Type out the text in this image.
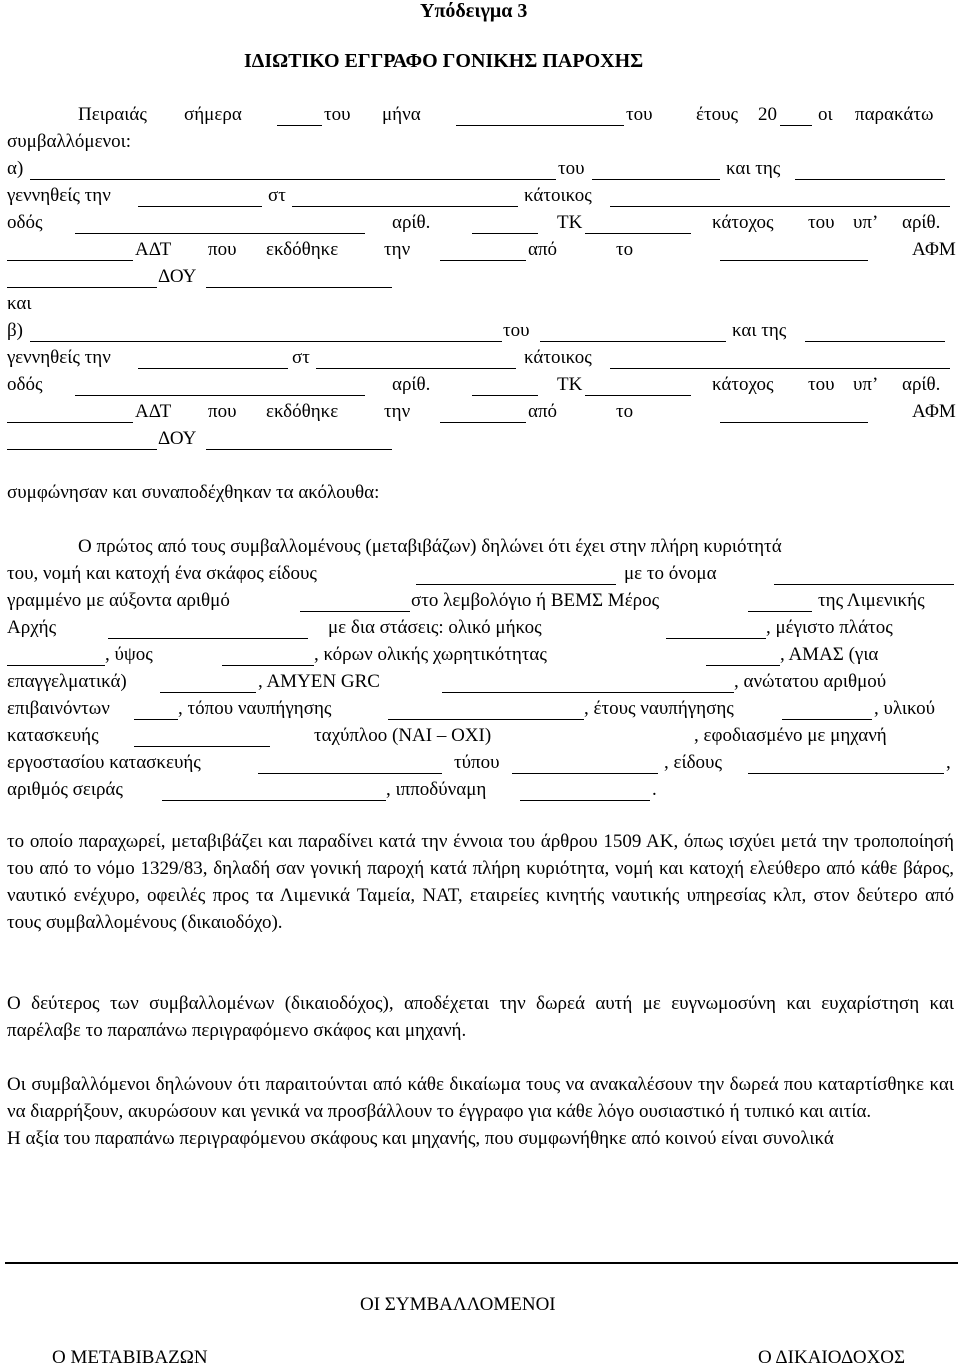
Υπόδειγμα 3
ΙΔΙΩΤΙΚΟ ΕΓΓΡΑΦΟ ΓΟΝΙΚΗΣ ΠΑΡΟΧΗΣ
Πειραιάς σήμερα	του μήνα	του έτους 20 οι παρακάτω
συμβαλλόμενοι:
α)	του	και της
γεννηθείς την	στ	κάτοικος
οδός	αρίθ.	ΤΚ	κάτοχος του υπ’ αρίθ.
ΑΔΤ που εκδόθηκε την	από	το	ΑΦΜ
ΔΟΥ
και
β)	του	και της
γεννηθείς την	στ	κάτοικος
οδός	αρίθ.	ΤΚ	κάτοχος του υπ’ αρίθ.
ΑΔΤ που εκδόθηκε την	από	το	ΑΦΜ
ΔΟΥ
συμφώνησαν και συναποδέχθηκαν τα ακόλουθα:
Ο πρώτος από τους συμβαλλομένους (μεταβιβάζων) δηλώνει ότι έχει στην πλήρη κυριότητά
του, νομή και κατοχή ένα σκάφος είδους	με το όνομα
γραμμένο με αύξοντα αριθμό	στο λεμβολόγιο ή ΒΕΜΣ Μέρος	της Λιμενικής
Αρχής	με δια στάσεις: ολικό μήκος	, μέγιστο πλάτος
, ύψος	, κόρων ολικής χωρητικότητας	, ΑΜΑΣ (για
επαγγελματικά)	, ΑΜΥΕΝ GRC	, ανώτατου αριθμού
επιβαινόντων	, τόπου ναυπήγησης	, έτους ναυπήγησης	, υλικού
κατασκευής	ταχύπλοο (ΝΑΙ – ΟΧΙ)	, εφοδιασμένο με μηχανή
εργοστασίου κατασκευής	τύπου	, είδους	,
αριθμός σειράς	, ιπποδύναμη	.
το οποίο παραχωρεί, μεταβιβάζει και παραδίνει κατά την έννοια του άρθρου 1509 ΑΚ, όπως ισχύει μετά την τροποποίησή του από το νόμο 1329/83, δηλαδή σαν γονική παροχή κατά πλήρη κυριότητα, νομή και κατοχή ελεύθερο από κάθε βάρος, ναυτικό ενέχυρο, οφειλές προς τα Λιμενικά Ταμεία, ΝΑΤ, εταιρείες κινητής ναυτικής υπηρεσίας κλπ, στον δεύτερο από τους συμβαλλομένους (δικαιοδόχο).
Ο δεύτερος των συμβαλλομένων (δικαιοδόχος), αποδέχεται την δωρεά αυτή με ευγνωμοσύνη και ευχαρίστηση και παρέλαβε το παραπάνω περιγραφόμενο σκάφος και μηχανή.
Οι συμβαλλόμενοι δηλώνουν ότι παραιτούνται από κάθε δικαίωμα τους να ανακαλέσουν την δωρεά που καταρτίσθηκε και να διαρρήξουν, ακυρώσουν και γενικά να προσβάλλουν το έγγραφο για κάθε λόγο ουσιαστικό ή τυπικό και αιτία.
Η αξία του παραπάνω περιγραφόμενου σκάφους και μηχανής, που συμφωνήθηκε από κοινού είναι συνολικά
ΟΙ ΣΥΜΒΑΛΛΟΜΕΝΟΙ
Ο ΜΕΤΑΒΙΒΑΖΩΝ	Ο ΔΙΚΑΙΟΔΟΧΟΣ
